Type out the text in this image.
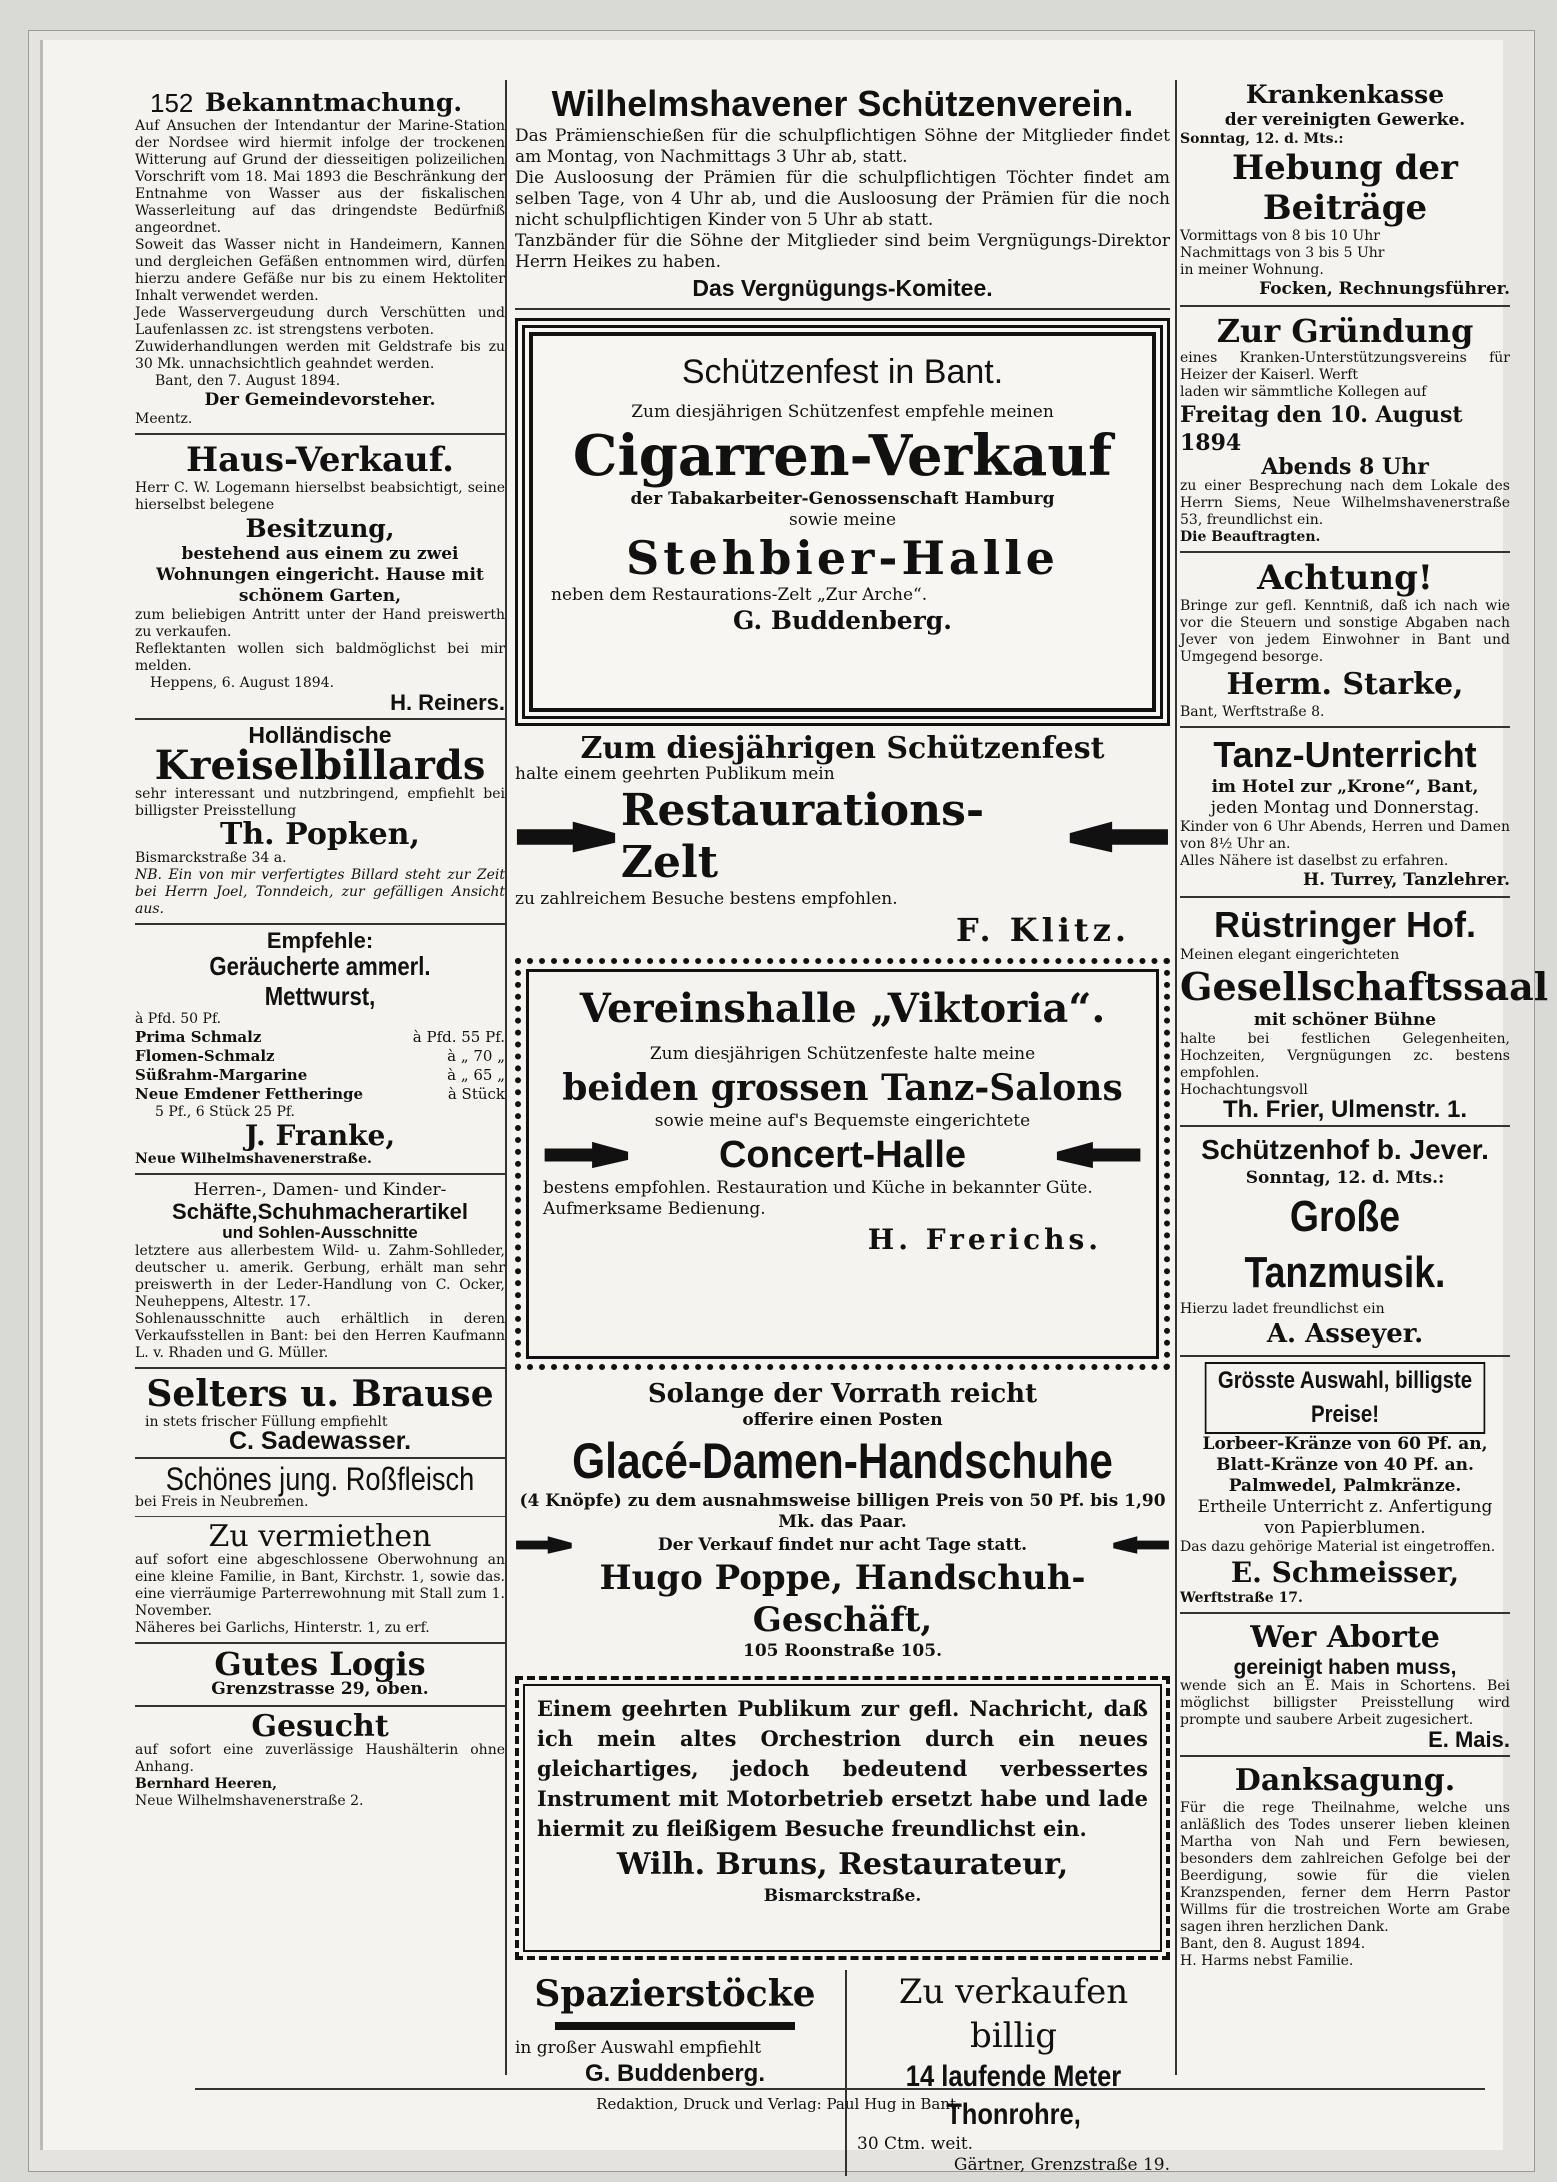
152 Bekanntmachung.
Auf Ansuchen der Intendantur der Marine-Station der Nordsee wird hiermit infolge der trockenen Witterung auf Grund der diesseitigen polizeilichen Vorschrift vom 18. Mai 1893 die Beschränkung der Entnahme von Wasser aus der fiskalischen Wasserleitung auf das dringendste Bedürfniß angeordnet.
Soweit das Wasser nicht in Handeimern, Kannen und dergleichen Gefäßen entnommen wird, dürfen hierzu andere Gefäße nur bis zu einem Hektoliter Inhalt verwendet werden.
Jede Wasservergeudung durch Verschütten und Laufenlassen zc. ist strengstens verboten.
Zuwiderhandlungen werden mit Geldstrafe bis zu 30 Mk. unnachsichtlich geahndet werden.
Bant, den 7. August 1894.
Der Gemeindevorsteher.
Meentz.
Haus-Verkauf.
Herr C. W. Logemann hierselbst beabsichtigt, seine hierselbst belegene
Besitzung,
bestehend aus einem zu zwei Wohnungen eingericht. Hause mit schönem Garten,
zum beliebigen Antritt unter der Hand preiswerth zu verkaufen.
Reflektanten wollen sich baldmöglichst bei mir melden.
Heppens, 6. August 1894.
H. Reiners.
Holländische
Kreiselbillards
sehr interessant und nutzbringend, empfiehlt bei billigster Preisstellung
Th. Popken,
Bismarckstraße 34 a.
NB. Ein von mir verfertigtes Billard steht zur Zeit bei Herrn Joel, Tonndeich, zur gefälligen Ansicht aus.
Empfehle:
Geräucherte ammerl. Mettwurst,
à Pfd. 50 Pf.
Prima Schmalz	à Pfd. 55 Pf.
Flomen-Schmalz	à „ 70 „
Süßrahm-Margarine	à „ 65 „
Neue Emdener Fettheringe	à Stück
5 Pf., 6 Stück 25 Pf.
J. Franke,
Neue Wilhelmshavenerstraße.
Herren-, Damen- und Kinder-
Schäfte,Schuhmacherartikel
und Sohlen-Ausschnitte
letztere aus allerbestem Wild- u. Zahm-Sohlleder, deutscher u. amerik. Gerbung, erhält man sehr preiswerth in der Leder-Handlung von C. Ocker, Neuheppens, Altestr. 17.
Sohlenausschnitte auch erhältlich in deren Verkaufsstellen in Bant: bei den Herren Kaufmann L. v. Rhaden und G. Müller.
Selters u. Brause
in stets frischer Füllung empfiehlt
C. Sadewasser.
Schönes jung. Roßfleisch
bei Freis in Neubremen.
Zu vermiethen
auf sofort eine abgeschlossene Oberwohnung an eine kleine Familie, in Bant, Kirchstr. 1, sowie das. eine vierräumige Parterrewohnung mit Stall zum 1. November.
Näheres bei Garlichs, Hinterstr. 1, zu erf.
Gutes Logis
Grenzstrasse 29, oben.
Gesucht
auf sofort eine zuverlässige Haushälterin ohne Anhang.
Bernhard Heeren,
Neue Wilhelmshavenerstraße 2.
Wilhelmshavener Schützenverein.
Das Prämienschießen für die schulpflichtigen Söhne der Mitglieder findet am Montag, von Nachmittags 3 Uhr ab, statt.
Die Ausloosung der Prämien für die schulpflichtigen Töchter findet am selben Tage, von 4 Uhr ab, und die Ausloosung der Prämien für die noch nicht schulpflichtigen Kinder von 5 Uhr ab statt.
Tanzbänder für die Söhne der Mitglieder sind beim Vergnügungs-Direktor Herrn Heikes zu haben.
Das Vergnügungs-Komitee.
Schützenfest in Bant.
Zum diesjährigen Schützenfest empfehle meinen
Cigarren-Verkauf
der Tabakarbeiter-Genossenschaft Hamburg
sowie meine
Stehbier-Halle
neben dem Restaurations-Zelt „Zur Arche“.
G. Buddenberg.
Zum diesjährigen Schützenfest
halte einem geehrten Publikum mein
Restaurations-Zelt
zu zahlreichem Besuche bestens empfohlen.
F. Klitz.
Vereinshalle „Viktoria“.
Zum diesjährigen Schützenfeste halte meine
beiden grossen Tanz-Salons
sowie meine auf's Bequemste eingerichtete
Concert-Halle
bestens empfohlen. Restauration und Küche in bekannter Güte. Aufmerksame Bedienung.
H. Frerichs.
Solange der Vorrath reicht
offerire einen Posten
Glacé-Damen-Handschuhe
(4 Knöpfe) zu dem ausnahmsweise billigen Preis von 50 Pf. bis 1,90 Mk. das Paar.
Der Verkauf findet nur acht Tage statt.
Hugo Poppe, Handschuh-Geschäft,
105 Roonstraße 105.
Einem geehrten Publikum zur gefl. Nachricht, daß ich mein altes Orchestrion durch ein neues gleichartiges, jedoch bedeutend verbessertes Instrument mit Motorbetrieb ersetzt habe und lade hiermit zu fleißigem Besuche freundlichst ein.
Wilh. Bruns, Restaurateur,
Bismarckstraße.
Spazierstöcke
in großer Auswahl empfiehlt
G. Buddenberg.
Zu verkaufen billig
14 laufende Meter Thonrohre,
30 Ctm. weit.
Gärtner, Grenzstraße 19.
Krankenkasse
der vereinigten Gewerke.
Sonntag, 12. d. Mts.:
Hebung der Beiträge
Vormittags von 8 bis 10 Uhr
Nachmittags von 3 bis 5 Uhr
in meiner Wohnung.
Focken, Rechnungsführer.
Zur Gründung
eines Kranken-Unterstützungsvereins für Heizer der Kaiserl. Werft
laden wir sämmtliche Kollegen auf
Freitag den 10. August 1894
Abends 8 Uhr
zu einer Besprechung nach dem Lokale des Herrn Siems, Neue Wilhelmshavenerstraße 53, freundlichst ein.
Die Beauftragten.
Achtung!
Bringe zur gefl. Kenntniß, daß ich nach wie vor die Steuern und sonstige Abgaben nach Jever von jedem Einwohner in Bant und Umgegend besorge.
Herm. Starke,
Bant, Werftstraße 8.
Tanz-Unterricht
im Hotel zur „Krone“, Bant,
jeden Montag und Donnerstag.
Kinder von 6 Uhr Abends, Herren und Damen von 8½ Uhr an.
Alles Nähere ist daselbst zu erfahren.
H. Turrey, Tanzlehrer.
Rüstringer Hof.
Meinen elegant eingerichteten
Gesellschaftssaal
mit schöner Bühne
halte bei festlichen Gelegenheiten, Hochzeiten, Vergnügungen zc. bestens empfohlen.
Hochachtungsvoll
Th. Frier, Ulmenstr. 1.
Schützenhof b. Jever.
Sonntag, 12. d. Mts.:
Große Tanzmusik.
Hierzu ladet freundlichst ein
A. Asseyer.
Grösste Auswahl, billigste Preise!
Lorbeer-Kränze von 60 Pf. an,
Blatt-Kränze von 40 Pf. an.
Palmwedel, Palmkränze.
Ertheile Unterricht z. Anfertigung von Papierblumen.
Das dazu gehörige Material ist eingetroffen.
E. Schmeisser,
Werftstraße 17.
Wer Aborte
gereinigt haben muss,
wende sich an E. Mais in Schortens. Bei möglichst billigster Preisstellung wird prompte und saubere Arbeit zugesichert.
E. Mais.
Danksagung.
Für die rege Theilnahme, welche uns anläßlich des Todes unserer lieben kleinen Martha von Nah und Fern bewiesen, besonders dem zahlreichen Gefolge bei der Beerdigung, sowie für die vielen Kranzspenden, ferner dem Herrn Pastor Willms für die trostreichen Worte am Grabe sagen ihren herzlichen Dank.
Bant, den 8. August 1894.
H. Harms nebst Familie.
Redaktion, Druck und Verlag: Paul Hug in Bant.
